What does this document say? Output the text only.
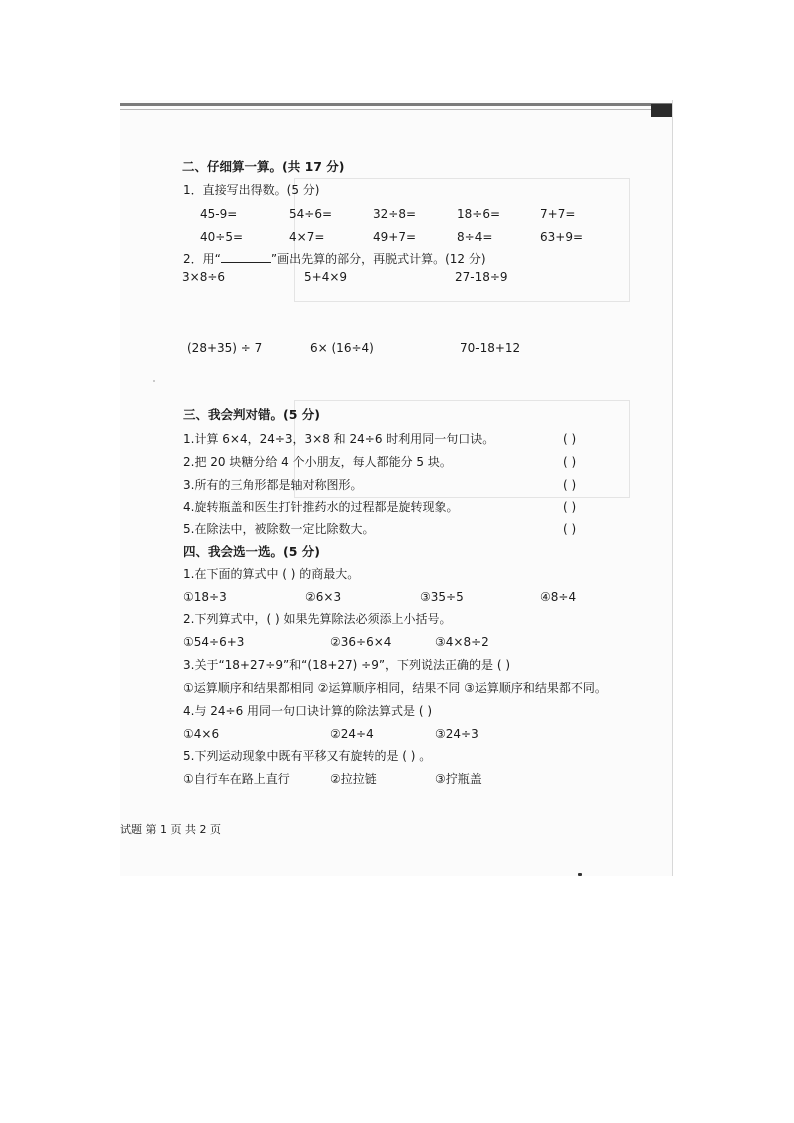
二、仔细算一算。(共 17 分)
1．直接写出得数。(5 分)
45-9=	54÷6=	32÷8=	18÷6=	7+7=
40÷5=	4×7=	49+7=	8÷4=	63+9=
2．用“	”画出先算的部分，再脱式计算。(12 分)
3×8÷6	5+4×9	27-18÷9
(28+35) ÷ 7	6× (16÷4)	70-18+12
三、我会判对错。(5 分)
1.计算 6×4，24÷3，3×8 和 24÷6 时利用同一句口诀。	( )
2.把 20 块糖分给 4 个小朋友，每人都能分 5 块。	( )
3.所有的三角形都是轴对称图形。	( )
4.旋转瓶盖和医生打针推药水的过程都是旋转现象。	( )
5.在除法中，被除数一定比除数大。	( )
四、我会选一选。(5 分)
1.在下面的算式中 ( ) 的商最大。
①18÷3	②6×3	③35÷5	④8÷4
2.下列算式中，( ) 如果先算除法必须添上小括号。
①54÷6+3	②36÷6×4	③4×8÷2
3.关于“18+27÷9”和“(18+27) ÷9”，下列说法正确的是 ( )
①运算顺序和结果都相同 ②运算顺序相同，结果不同 ③运算顺序和结果都不同。
4.与 24÷6 用同一句口诀计算的除法算式是 ( )
①4×6	②24÷4	③24÷3
5.下列运动现象中既有平移又有旋转的是 ( ) 。
①自行车在路上直行	②拉拉链	③拧瓶盖
试题 第 1 页 共 2 页
